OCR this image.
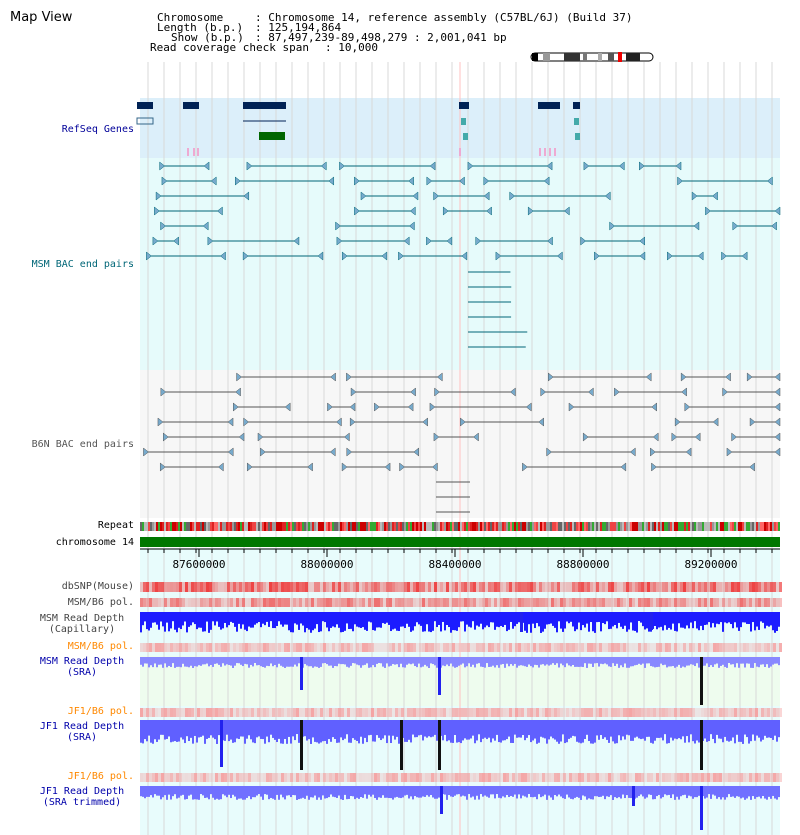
Map View	Chromosome	: Chromosome 14, reference assembly (C57BL/6J) (Build 37)
Length (b.p.) : 125,194,864
Show (b.p.) : 87,497,239-89,498,279 : 2,001,041 bp
Read coverage check span : 10,000
RefSeq Genes
MSM BAC end pairs
B6N BAC end pairs
Repeat
chromosome 14
dbSNP(Mouse)
MSM/B6 pol.
MSM Read Depth
(Capillary)
MSM/B6 pol.
MSM Read Depth
(SRA)
JF1/B6 pol.
JF1 Read Depth
(SRA)
JF1/B6 pol.
JF1 Read Depth
(SRA trimmed)
87600000	88000000	88400000	88800000	89200000
